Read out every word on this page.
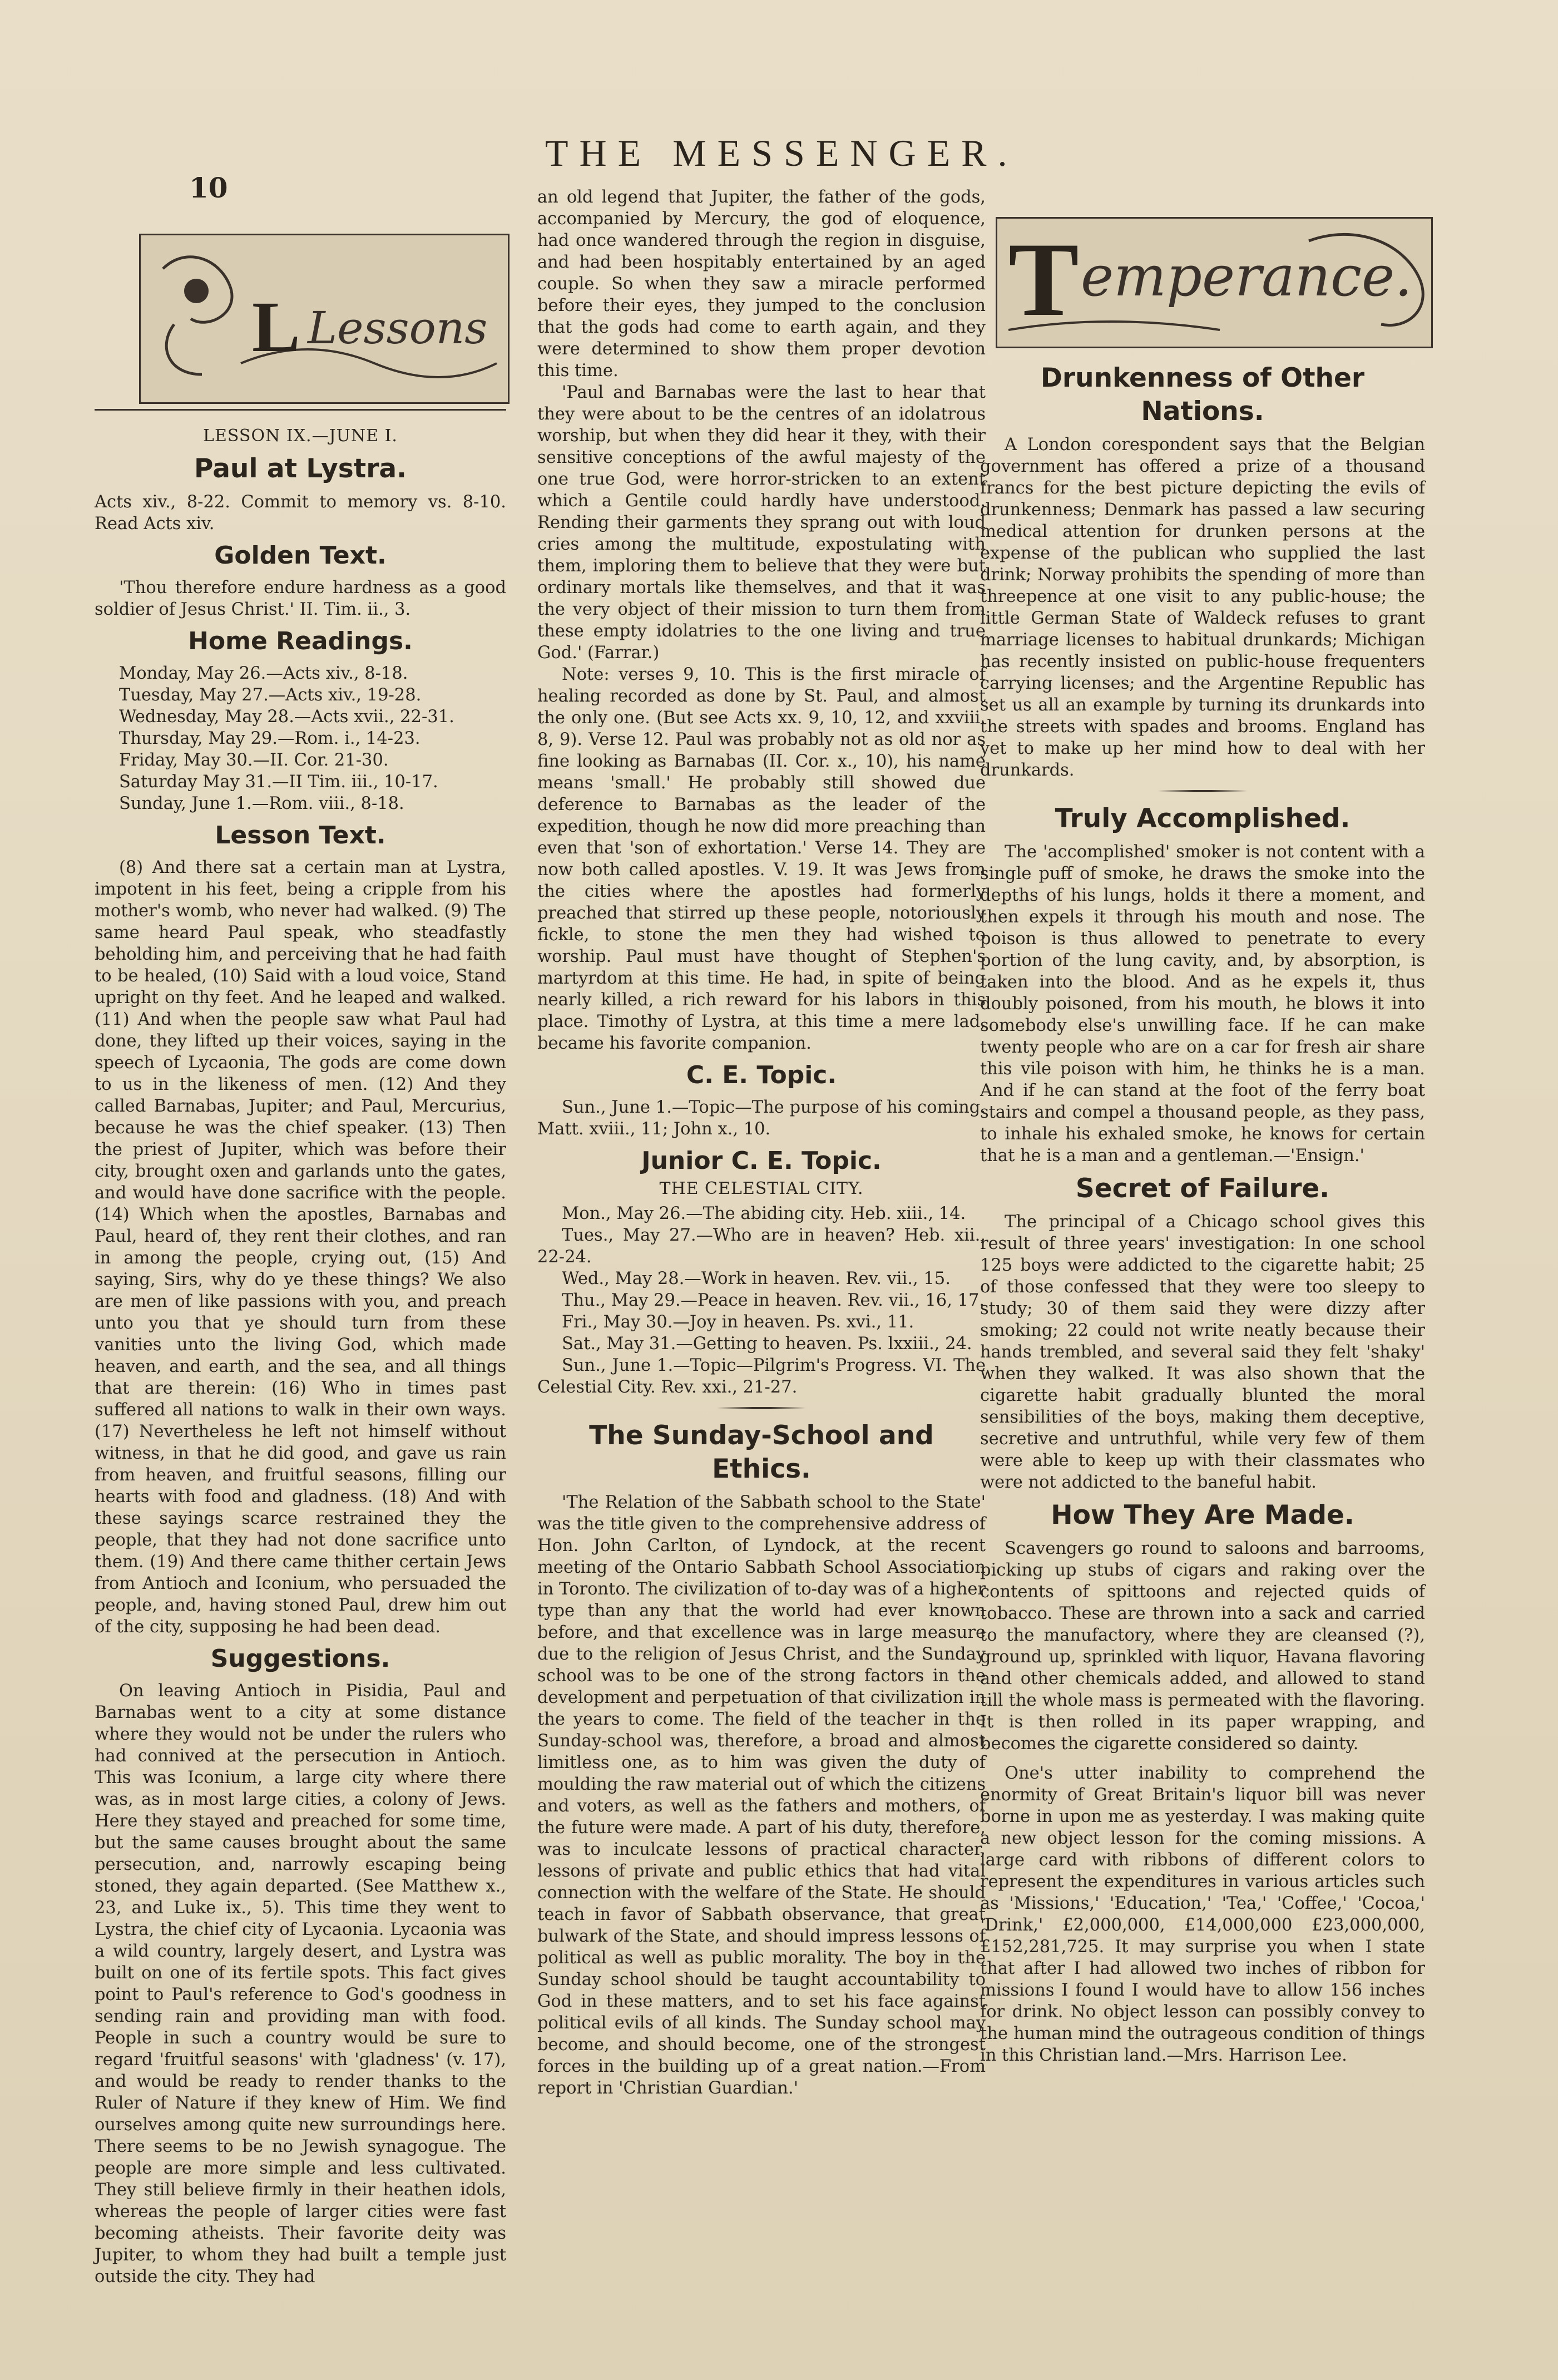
10
THE MESSENGER.
L Lessons	T emperance.
LESSON IX.—JUNE I.
Paul at Lystra.

Acts xiv., 8-22. Commit to memory vs. 8-10. Read Acts xiv.

Golden Text.

'Thou therefore endure hardness as a good soldier of Jesus Christ.' II. Tim. ii., 3.

Home Readings.

Monday, May 26.—Acts xiv., 8-18.

Tuesday, May 27.—Acts xiv., 19-28.

Wednesday, May 28.—Acts xvii., 22-31.

Thursday, May 29.—Rom. i., 14-23.

Friday, May 30.—II. Cor. 21-30.

Saturday May 31.—II Tim. iii., 10-17.

Sunday, June 1.—Rom. viii., 8-18.

Lesson Text.

(8) And there sat a certain man at Lystra, impotent in his feet, being a cripple from his mother's womb, who never had walked. (9) The same heard Paul speak, who steadfastly beholding him, and perceiving that he had faith to be healed, (10) Said with a loud voice, Stand upright on thy feet. And he leaped and walked. (11) And when the people saw what Paul had done, they lifted up their voices, saying in the speech of Lycaonia, The gods are come down to us in the likeness of men. (12) And they called Barnabas, Jupiter; and Paul, Mercurius, because he was the chief speaker. (13) Then the priest of Jupiter, which was before their city, brought oxen and garlands unto the gates, and would have done sacrifice with the people. (14) Which when the apostles, Barnabas and Paul, heard of, they rent their clothes, and ran in among the people, crying out, (15) And saying, Sirs, why do ye these things? We also are men of like passions with you, and preach unto you that ye should turn from these vanities unto the living God, which made heaven, and earth, and the sea, and all things that are therein: (16) Who in times past suffered all nations to walk in their own ways. (17) Nevertheless he left not himself without witness, in that he did good, and gave us rain from heaven, and fruitful seasons, filling our hearts with food and gladness. (18) And with these sayings scarce restrained they the people, that they had not done sacrifice unto them. (19) And there came thither certain Jews from Antioch and Iconium, who persuaded the people, and, having stoned Paul, drew him out of the city, supposing he had been dead.

Suggestions.

On leaving Antioch in Pisidia, Paul and Barnabas went to a city at some distance where they would not be under the rulers who had connived at the persecution in Antioch. This was Iconium, a large city where there was, as in most large cities, a colony of Jews. Here they stayed and preached for some time, but the same causes brought about the same persecution, and, narrowly escaping being stoned, they again departed. (See Matthew x., 23, and Luke ix., 5). This time they went to Lystra, the chief city of Lycaonia. Lycaonia was a wild country, largely desert, and Lystra was built on one of its fertile spots. This fact gives point to Paul's reference to God's goodness in sending rain and providing man with food. People in such a country would be sure to regard 'fruitful seasons' with 'gladness' (v. 17), and would be ready to render thanks to the Ruler of Nature if they knew of Him. We find ourselves among quite new surroundings here. There seems to be no Jewish synagogue. The people are more simple and less cultivated. They still believe firmly in their heathen idols, whereas the people of larger cities were fast becoming atheists. Their favorite deity was Jupiter, to whom they had built a temple just outside the city. They had

an old legend that Jupiter, the father of the gods, accompanied by Mercury, the god of eloquence, had once wandered through the region in disguise, and had been hospitably entertained by an aged couple. So when they saw a miracle performed before their eyes, they jumped to the conclusion that the gods had come to earth again, and they were determined to show them proper devotion this time.

'Paul and Barnabas were the last to hear that they were about to be the centres of an idolatrous worship, but when they did hear it they, with their sensitive conceptions of the awful majesty of the one true God, were horror-stricken to an extent which a Gentile could hardly have understood. Rending their garments they sprang out with loud cries among the multitude, expostulating with them, imploring them to believe that they were but ordinary mortals like themselves, and that it was the very object of their mission to turn them from these empty idolatries to the one living and true God.' (Farrar.)

Note: verses 9, 10. This is the first miracle of healing recorded as done by St. Paul, and almost the only one. (But see Acts xx. 9, 10, 12, and xxviii. 8, 9). Verse 12. Paul was probably not as old nor as fine looking as Barnabas (II. Cor. x., 10), his name means 'small.' He probably still showed due deference to Barnabas as the leader of the expedition, though he now did more preaching than even that 'son of exhortation.' Verse 14. They are now both called apostles. V. 19. It was Jews from the cities where the apostles had formerly preached that stirred up these people, notoriously fickle, to stone the men they had wished to worship. Paul must have thought of Stephen's martyrdom at this time. He had, in spite of being nearly killed, a rich reward for his labors in this place. Timothy of Lystra, at this time a mere lad, became his favorite companion.

C. E. Topic.

Sun., June 1.—Topic—The purpose of his coming. Matt. xviii., 11; John x., 10.

Junior C. E. Topic.
THE CELESTIAL CITY.

Mon., May 26.—The abiding city. Heb. xiii., 14.

Tues., May 27.—Who are in heaven? Heb. xii., 22-24.

Wed., May 28.—Work in heaven. Rev. vii., 15.

Thu., May 29.—Peace in heaven. Rev. vii., 16, 17.

Fri., May 30.—Joy in heaven. Ps. xvi., 11.

Sat., May 31.—Getting to heaven. Ps. lxxiii., 24.

Sun., June 1.—Topic—Pilgrim's Progress. VI. The Celestial City. Rev. xxi., 21-27.

The Sunday-School and Ethics.

'The Relation of the Sabbath school to the State' was the title given to the comprehensive address of Hon. John Carlton, of Lyndock, at the recent meeting of the Ontario Sabbath School Association in Toronto. The civilization of to-day was of a higher type than any that the world had ever known before, and that excellence was in large measure due to the religion of Jesus Christ, and the Sunday school was to be one of the strong factors in the development and perpetuation of that civilization in the years to come. The field of the teacher in the Sunday-school was, therefore, a broad and almost limitless one, as to him was given the duty of moulding the raw material out of which the citizens and voters, as well as the fathers and mothers, of the future were made. A part of his duty, therefore, was to inculcate lessons of practical character, lessons of private and public ethics that had vital connection with the welfare of the State. He should teach in favor of Sabbath observance, that great bulwark of the State, and should impress lessons of political as well as public morality. The boy in the Sunday school should be taught accountability to God in these matters, and to set his face against political evils of all kinds. The Sunday school may become, and should become, one of the strongest forces in the building up of a great nation.—From report in 'Christian Guardian.'

Drunkenness of Other Nations.

A London corespondent says that the Belgian government has offered a prize of a thousand francs for the best picture depicting the evils of drunkenness; Denmark has passed a law securing medical attention for drunken persons at the expense of the publican who supplied the last drink; Norway prohibits the spending of more than threepence at one visit to any public-house; the little German State of Waldeck refuses to grant marriage licenses to habitual drunkards; Michigan has recently insisted on public-house frequenters carrying licenses; and the Argentine Republic has set us all an example by turning its drunkards into the streets with spades and brooms. England has yet to make up her mind how to deal with her drunkards.

Truly Accomplished.

The 'accomplished' smoker is not content with a single puff of smoke, he draws the smoke into the depths of his lungs, holds it there a moment, and then expels it through his mouth and nose. The poison is thus allowed to penetrate to every portion of the lung cavity, and, by absorption, is taken into the blood. And as he expels it, thus doubly poisoned, from his mouth, he blows it into somebody else's unwilling face. If he can make twenty people who are on a car for fresh air share this vile poison with him, he thinks he is a man. And if he can stand at the foot of the ferry boat stairs and compel a thousand people, as they pass, to inhale his exhaled smoke, he knows for certain that he is a man and a gentleman.—'Ensign.'

Secret of Failure.

The principal of a Chicago school gives this result of three years' investigation: In one school 125 boys were addicted to the cigarette habit; 25 of those confessed that they were too sleepy to study; 30 of them said they were dizzy after smoking; 22 could not write neatly because their hands trembled, and several said they felt 'shaky' when they walked. It was also shown that the cigarette habit gradually blunted the moral sensibilities of the boys, making them deceptive, secretive and untruthful, while very few of them were able to keep up with their classmates who were not addicted to the baneful habit.

How They Are Made.

Scavengers go round to saloons and barrooms, picking up stubs of cigars and raking over the contents of spittoons and rejected quids of tobacco. These are thrown into a sack and carried to the manufactory, where they are cleansed (?), ground up, sprinkled with liquor, Havana flavoring and other chemicals added, and allowed to stand till the whole mass is permeated with the flavoring. It is then rolled in its paper wrapping, and becomes the cigarette considered so dainty.

One's utter inability to comprehend the enormity of Great Britain's liquor bill was never borne in upon me as yesterday. I was making quite a new object lesson for the coming missions. A large card with ribbons of different colors to represent the expenditures in various articles such as 'Missions,' 'Education,' 'Tea,' 'Coffee,' 'Cocoa,' 'Drink,' £2,000,000, £14,000,000 £23,000,000, £152,281,725. It may surprise you when I state that after I had allowed two inches of ribbon for missions I found I would have to allow 156 inches for drink. No object lesson can possibly convey to the human mind the outrageous condition of things in this Christian land.—Mrs. Harrison Lee.
